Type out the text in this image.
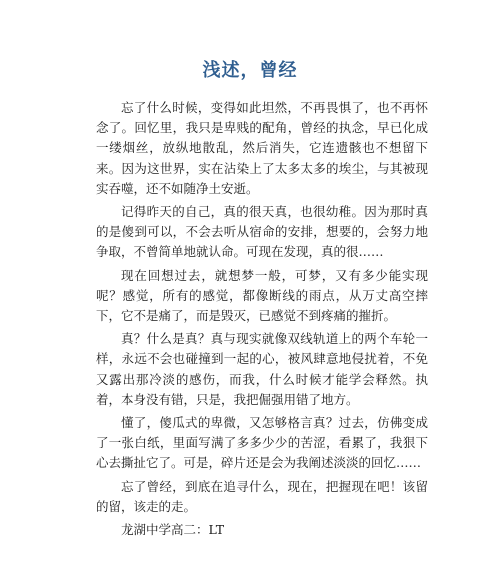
浅述，曾经

忘了什么时候，变得如此坦然，不再畏惧了，也不再怀念了。回忆里，我只是卑贱的配角，曾经的执念，早已化成一缕烟丝，放纵地散乱，然后消失，它连遗骸也不想留下来。因为这世界，实在沾染上了太多太多的埃尘，与其被现实吞噬，还不如随净土安逝。

记得昨天的自己，真的很天真，也很幼稚。因为那时真的是傻到可以，不会去听从宿命的安排，想要的，会努力地争取，不曾简单地就认命。可现在发现，真的很……

现在回想过去，就想梦一般，可梦，又有多少能实现呢？感觉，所有的感觉，都像断线的雨点，从万丈高空摔下，它不是痛了，而是毁灭，已感觉不到疼痛的摧折。

真？什么是真？真与现实就像双线轨道上的两个车轮一样，永远不会也碰撞到一起的心，被风肆意地侵扰着，不免又露出那冷淡的感伤，而我，什么时候才能学会释然。执着，本身没有错，只是，我把倔强用错了地方。

懂了，傻瓜式的卑微，又怎够格言真？过去，仿佛变成了一张白纸，里面写满了多多少少的苦涩，看累了，我狠下心去撕扯它了。可是，碎片还是会为我阐述淡淡的回忆……

忘了曾经，到底在追寻什么，现在，把握现在吧！该留的留，该走的走。

龙湖中学高二：LT
